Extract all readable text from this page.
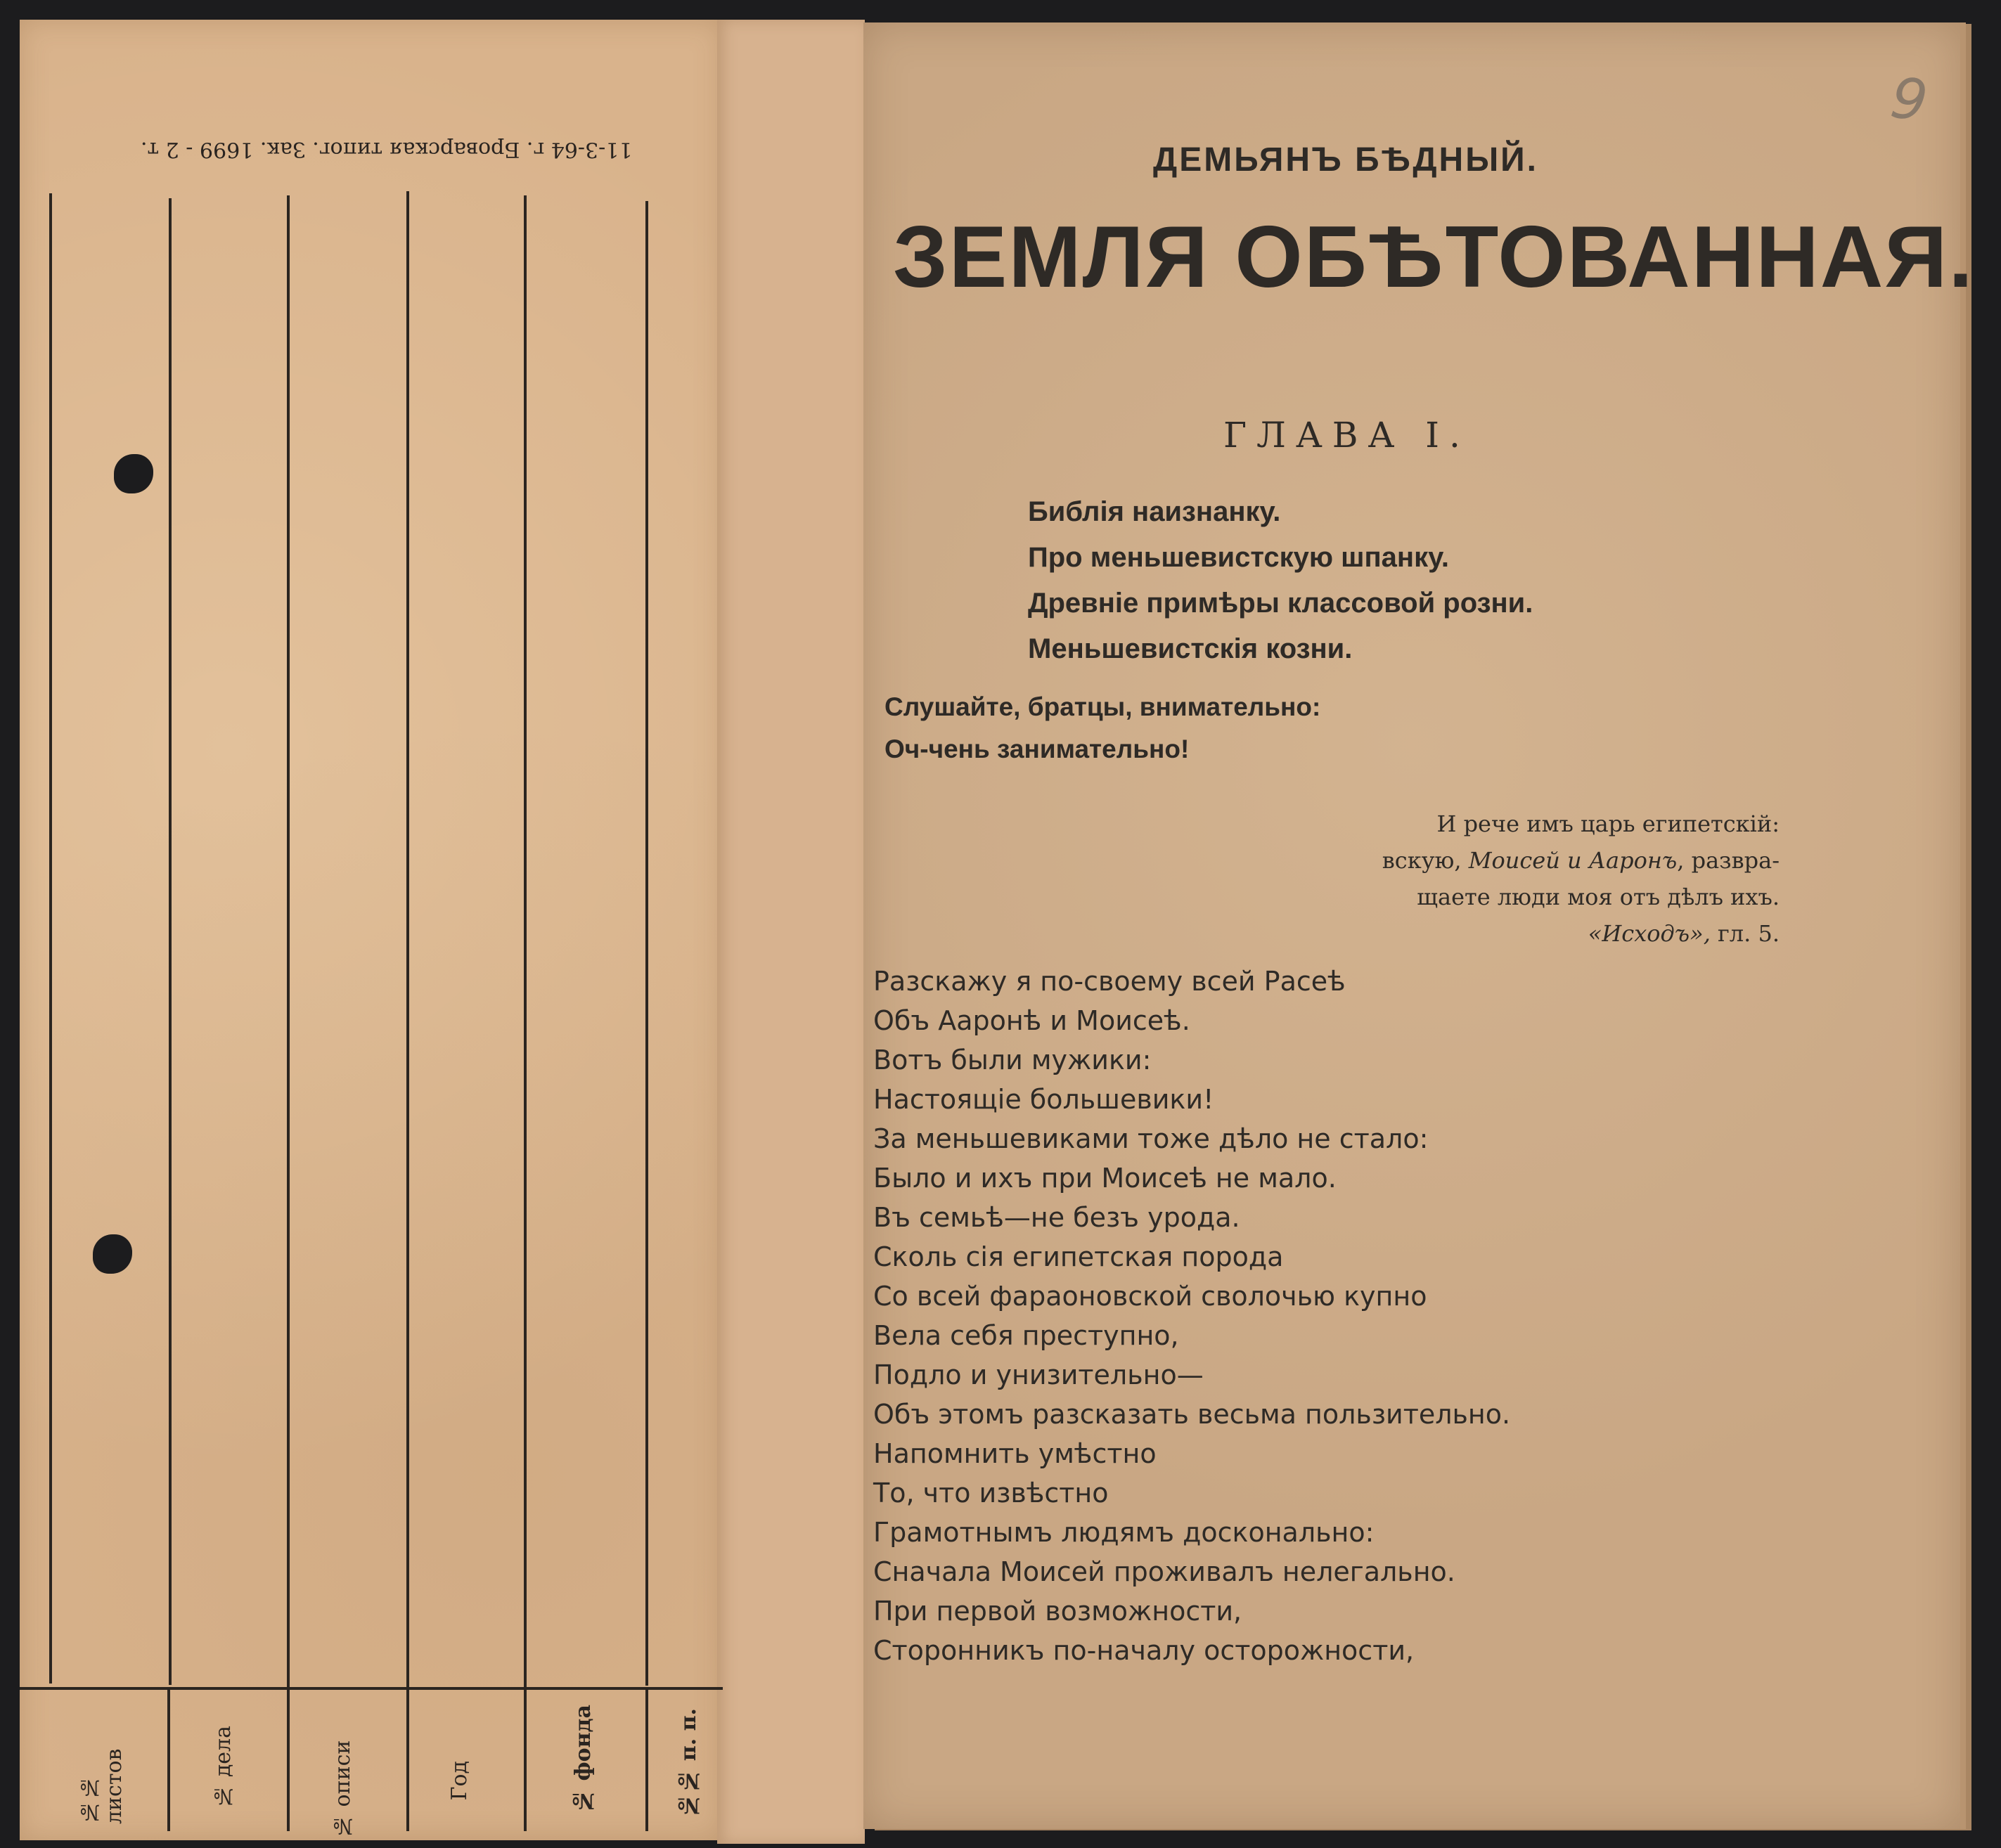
11-3-64 г. Броварская типог. Зак. 1699 - 2 т.
№№ п. п.
№ фонда
Год
№ описи
№ дела
№№ листов
9
ДЕМЬЯНЪ БѢДНЫЙ.
ЗЕМЛЯ ОБѢТОВАННАЯ.
ГЛАВА I.
Библія наизнанку.
Про меньшевистскую шпанку.
Древніе примѣры классовой розни.
Меньшевистскія козни.
Слушайте, братцы, внимательно:
Оч-чень занимательно!
И рече имъ царь египетскій:
вскую, Моисей и Ааронъ, развра-
щаете люди моя отъ дѣлъ ихъ.
«Исходъ», гл. 5.
Разскажу я по-своему всей Расеѣ
Объ Ааронѣ и Моисеѣ.
Вотъ были мужики:
Настоящіе большевики!
За меньшевиками тоже дѣло не стало:
Было и ихъ при Моисеѣ не мало.
Въ семьѣ—не безъ урода.
Сколь сія египетская порода
Со всей фараоновской сволочью купно
Вела себя преступно,
Подло и унизительно—
Объ этомъ разсказать весьма пользительно.
Напомнить умѣстно
То, что извѣстно
Грамотнымъ людямъ досконально:
Сначала Моисей проживалъ нелегально.
При первой возможности,
Сторонникъ по-началу осторожности,
